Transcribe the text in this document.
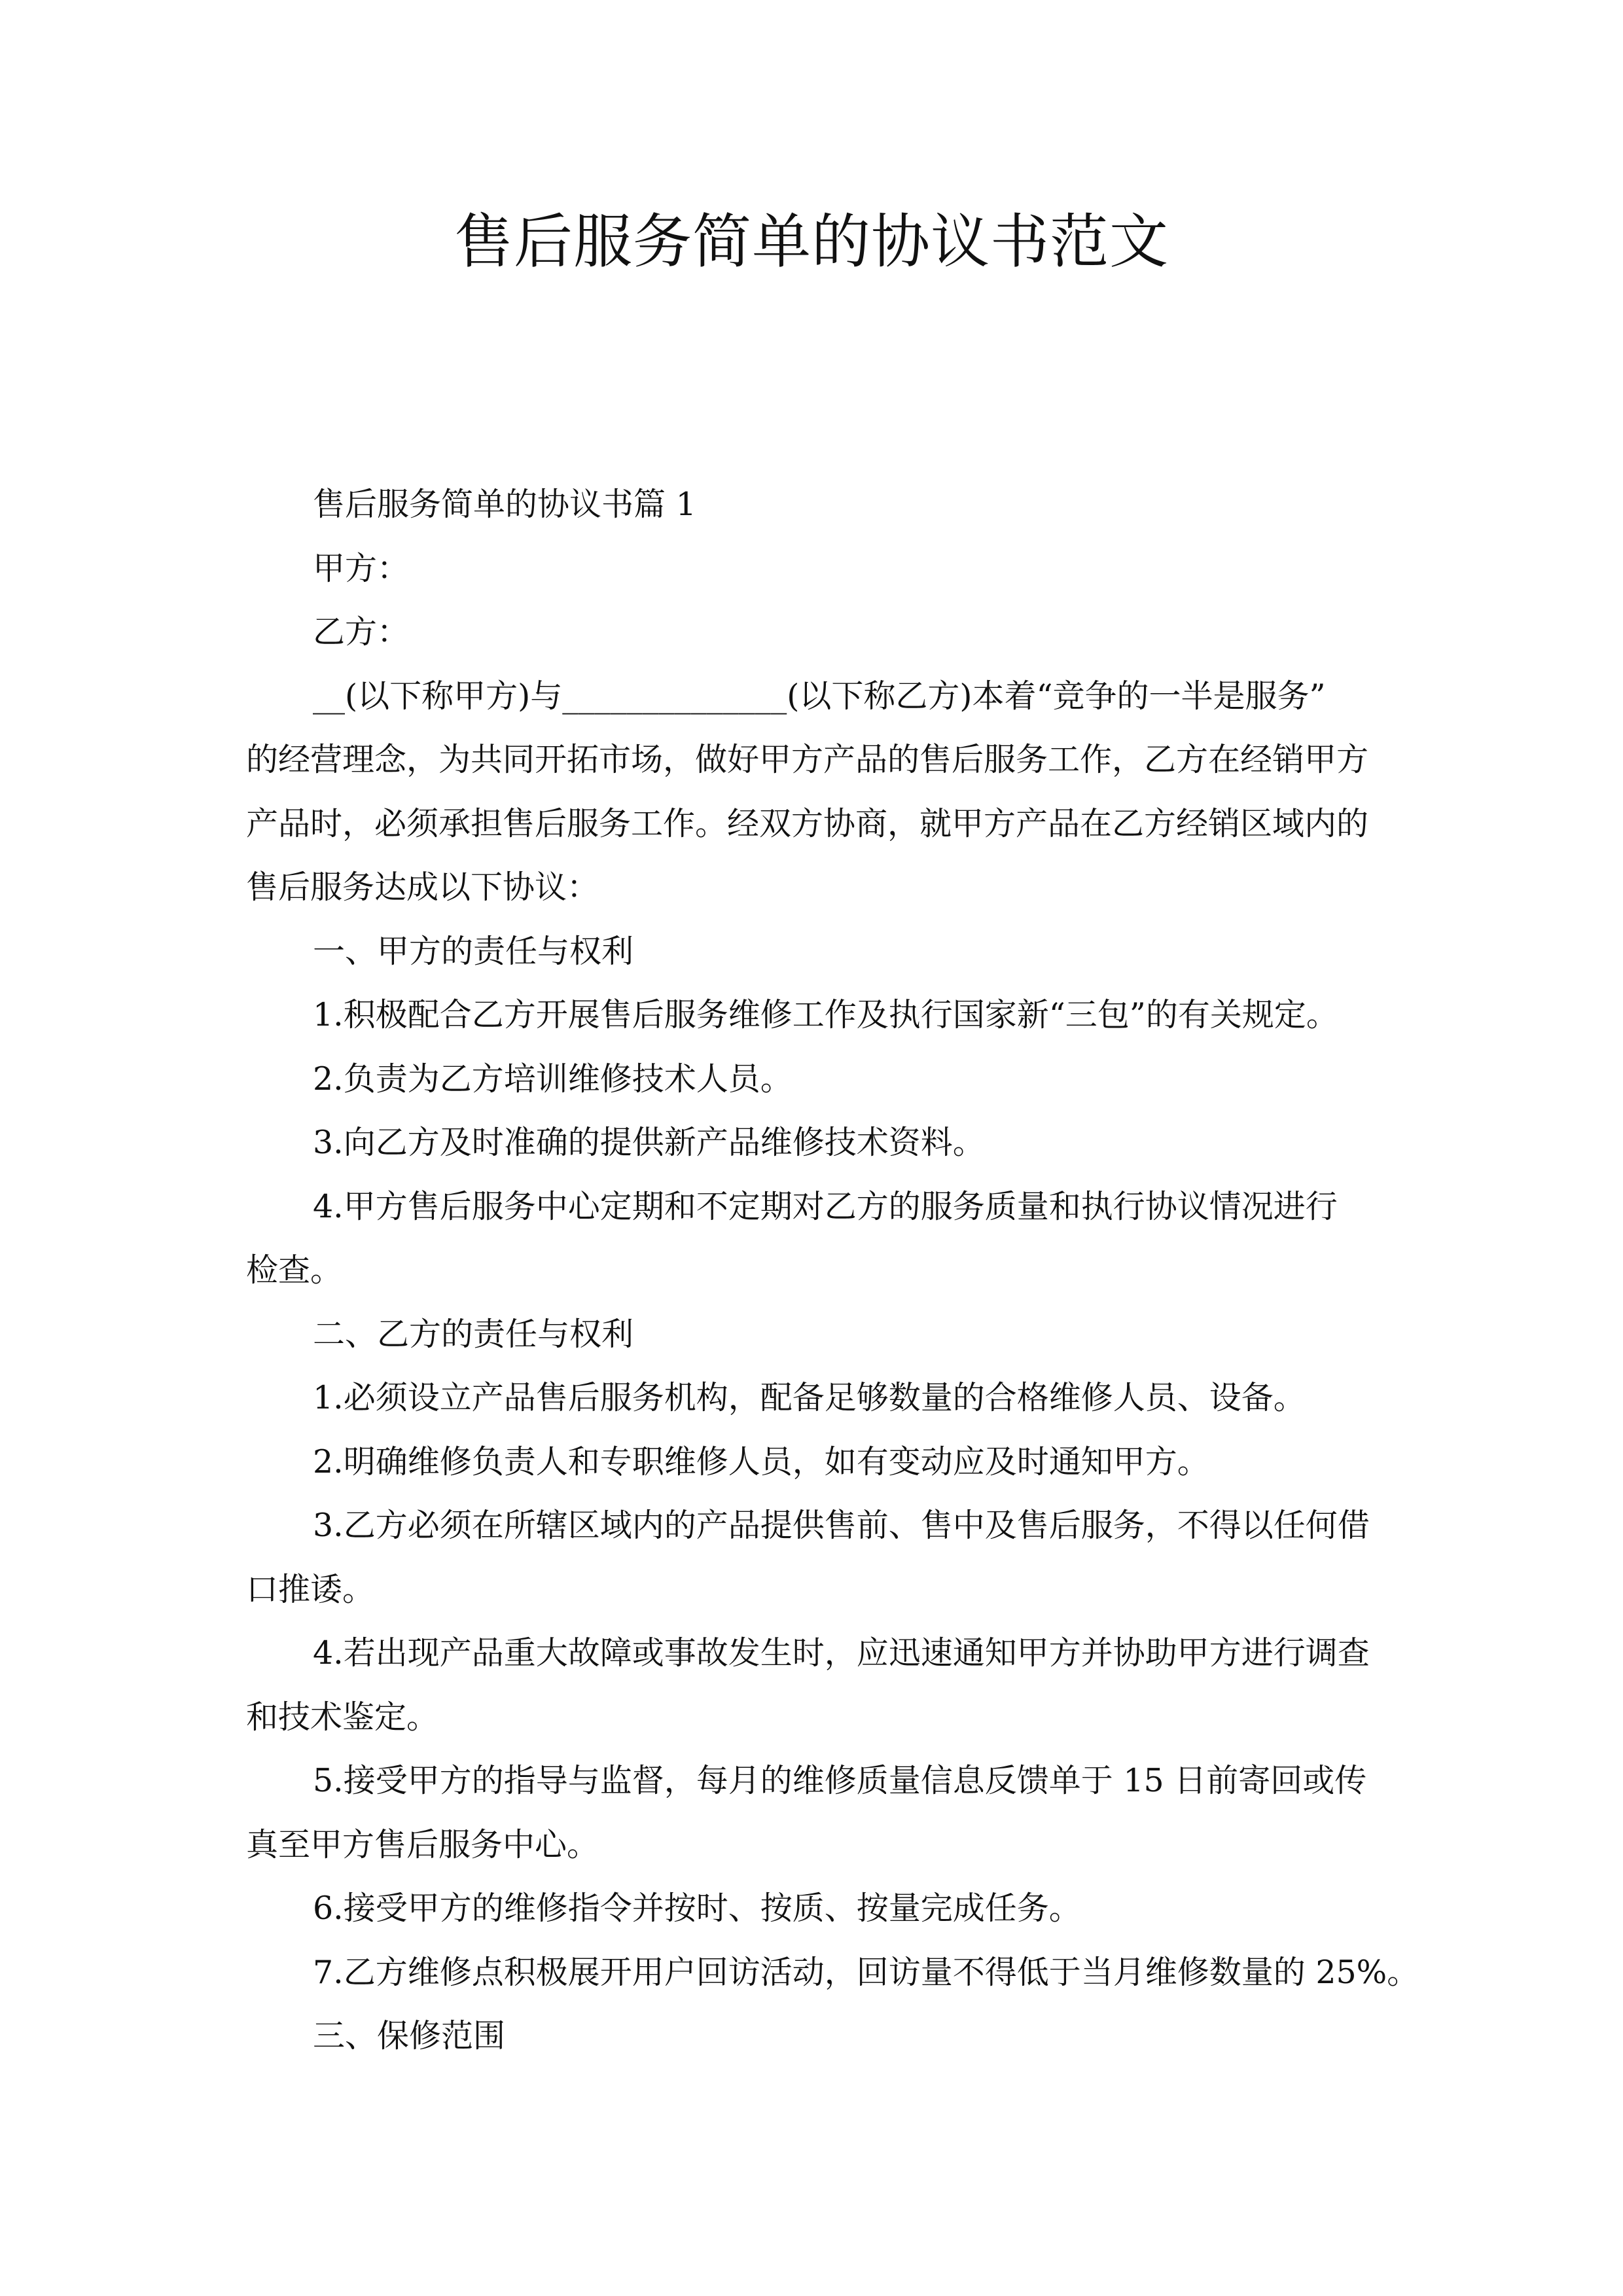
售后服务简单的协议书范文
售后服务简单的协议书篇 1
甲方：
乙方：
__(以下称甲方)与______________(以下称乙方)本着“竞争的一半是服务”
的经营理念，为共同开拓市场，做好甲方产品的售后服务工作，乙方在经销甲方
产品时，必须承担售后服务工作。经双方协商，就甲方产品在乙方经销区域内的
售后服务达成以下协议：
一、甲方的责任与权利
1.积极配合乙方开展售后服务维修工作及执行国家新“三包”的有关规定。
2.负责为乙方培训维修技术人员。
3.向乙方及时准确的提供新产品维修技术资料。
4.甲方售后服务中心定期和不定期对乙方的服务质量和执行协议情况进行
检查。
二、乙方的责任与权利
1.必须设立产品售后服务机构，配备足够数量的合格维修人员、设备。
2.明确维修负责人和专职维修人员，如有变动应及时通知甲方。
3.乙方必须在所辖区域内的产品提供售前、售中及售后服务，不得以任何借
口推诿。
4.若出现产品重大故障或事故发生时，应迅速通知甲方并协助甲方进行调查
和技术鉴定。
5.接受甲方的指导与监督，每月的维修质量信息反馈单于 15 日前寄回或传
真至甲方售后服务中心。
6.接受甲方的维修指令并按时、按质、按量完成任务。
7.乙方维修点积极展开用户回访活动，回访量不得低于当月维修数量的 25%。
三、保修范围
